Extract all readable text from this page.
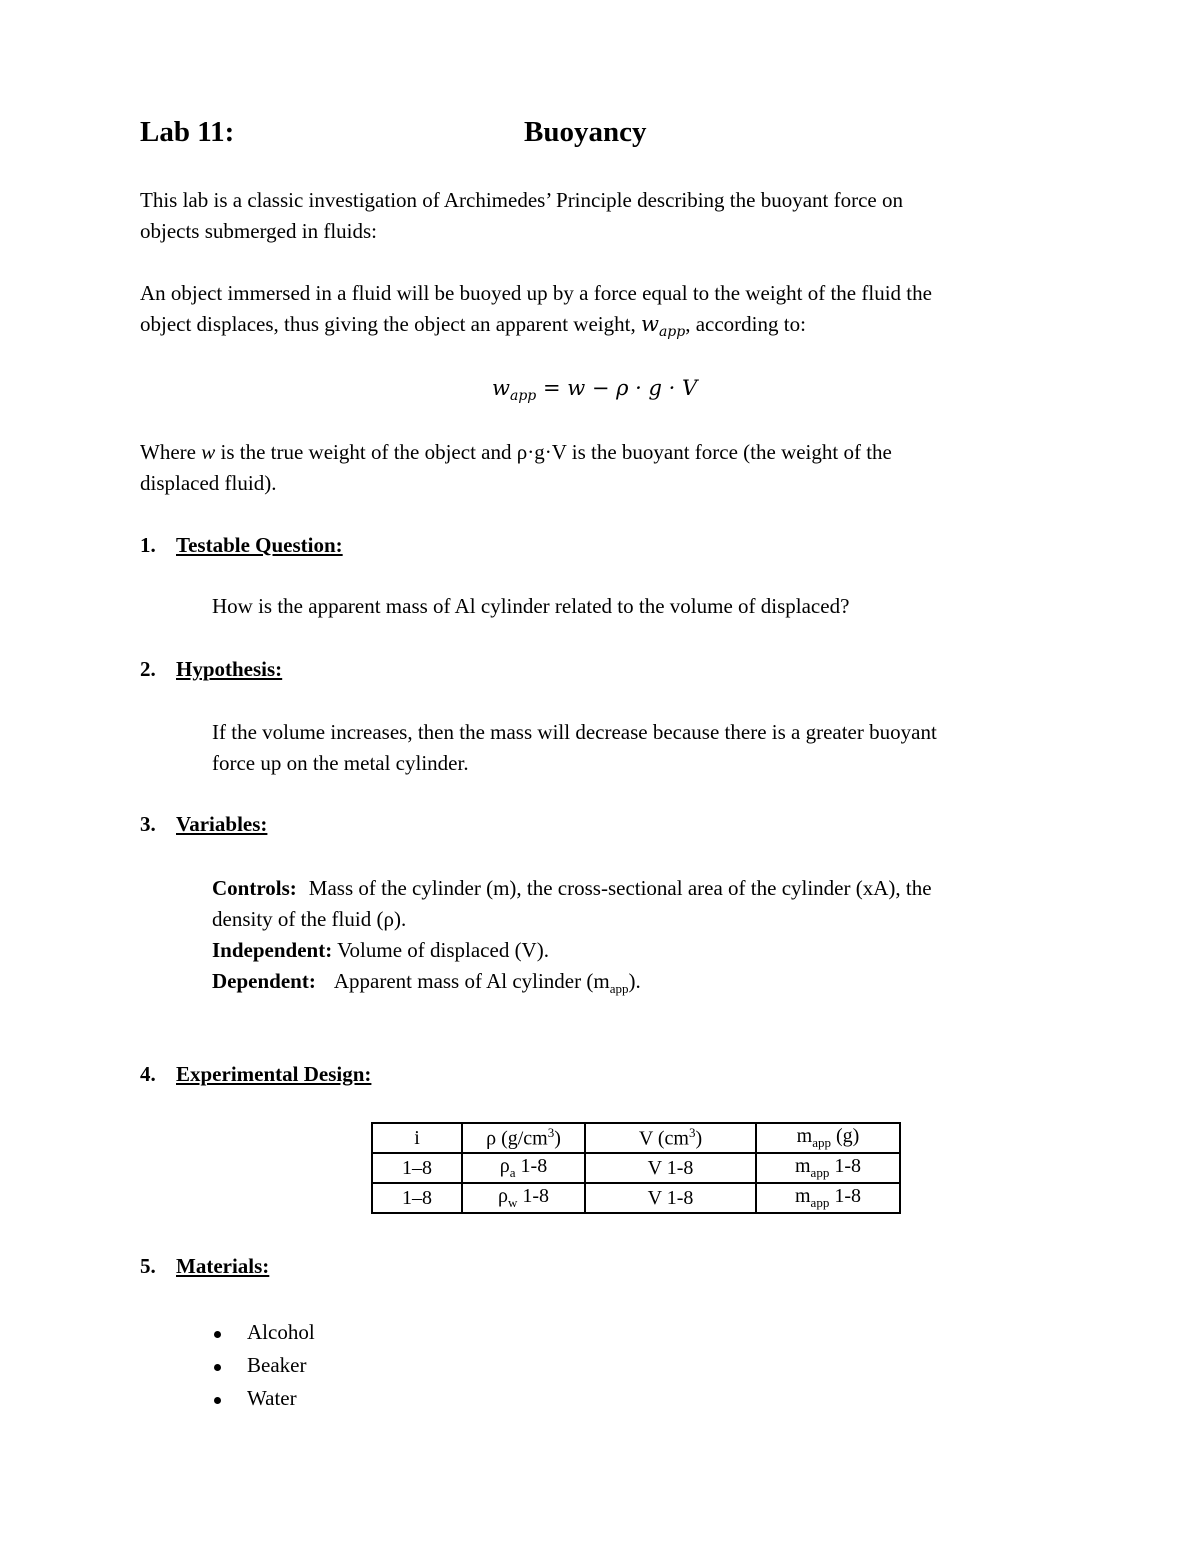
Lab 11:	Buoyancy
This lab is a classic investigation of Archimedes’ Principle describing the buoyant force on
objects submerged in fluids:
An object immersed in a fluid will be buoyed up by a force equal to the weight of the fluid the
object displaces, thus giving the object an apparent weight, $w_{app}$, according to:
$w_{app} = w - \rho \cdot g \cdot V$
Where w is the true weight of the object and ρ·g·V is the buoyant force (the weight of the
displaced fluid).
1. Testable Question:
How is the apparent mass of Al cylinder related to the volume of displaced?
2. Hypothesis:
If the volume increases, then the mass will decrease because there is a greater buoyant
force up on the metal cylinder.
3. Variables:
Controls: Mass of the cylinder (m), the cross-sectional area of the cylinder (xA), the
density of the fluid (ρ).
Independent: Volume of displaced (V).
Dependent: Apparent mass of Al cylinder $(m_{app})$.
4. Experimental Design:
i	ρ $(g/cm^3)$	V $(cm^3)$	$m_{app}$ (g)
1–8	$\rho_a$ 1-8	V 1-8	$m_{app}$ 1-8
1–8	$\rho_w$ 1-8	V 1-8	$m_{app}$ 1-8
5. Materials:
Alcohol
Beaker
Water
